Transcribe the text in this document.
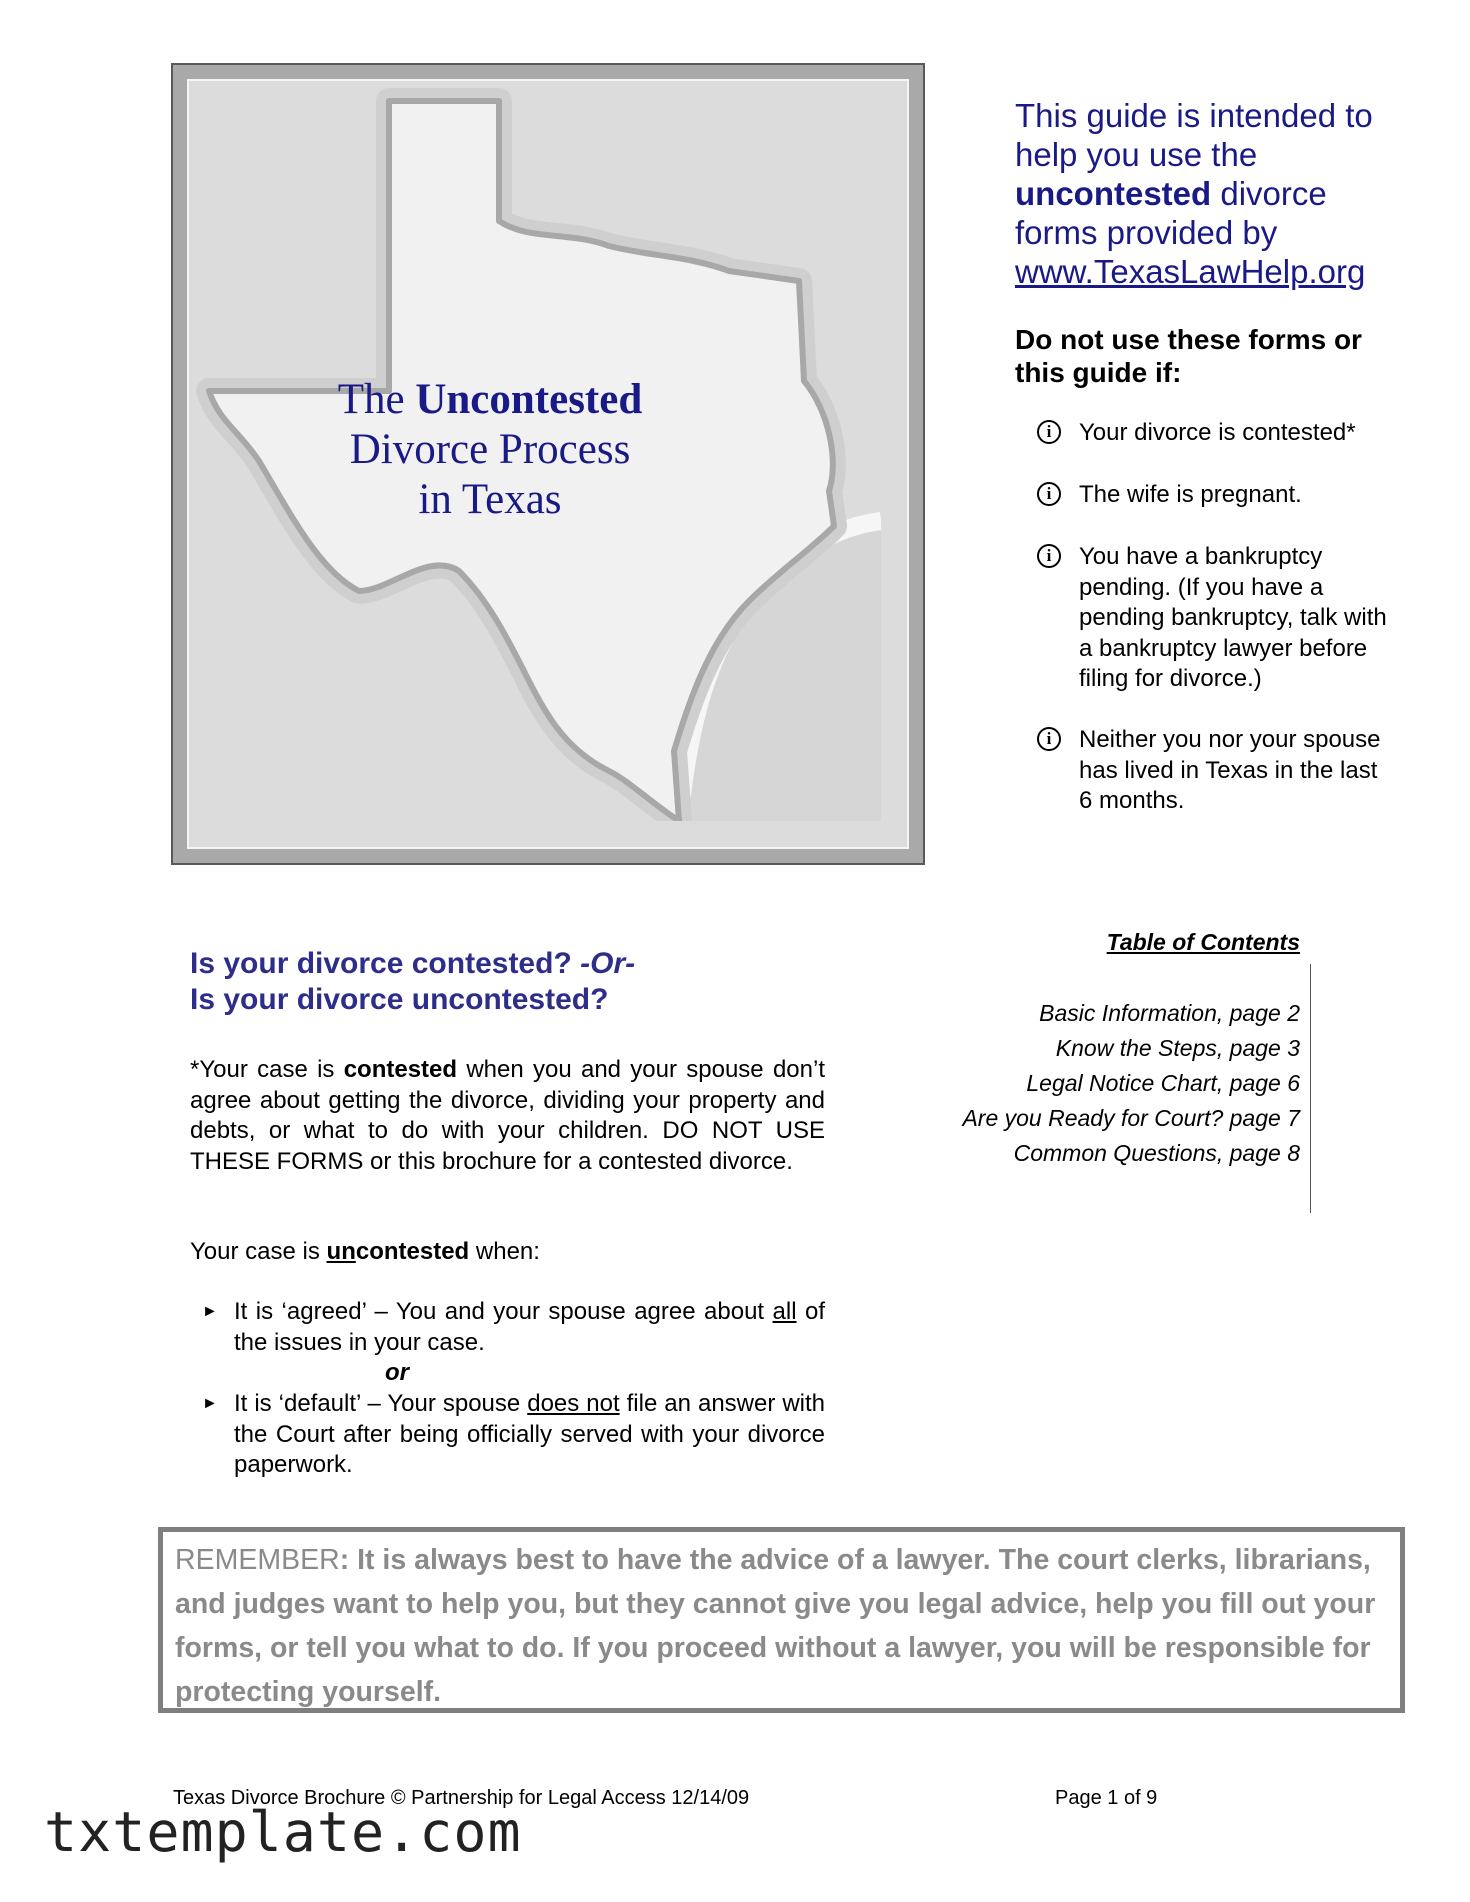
The Uncontested
Divorce Process
in Texas
This guide is intended to help you use the uncontested divorce forms provided by www.TexasLawHelp.org
Do not use these forms or this guide if:
i	Your divorce is contested*
i	The wife is pregnant.
i	You have a bankruptcy pending. (If you have a pending bankruptcy, talk with a bankruptcy lawyer before filing for divorce.)
i	Neither you nor your spouse has lived in Texas in the last 6 months.
Is your divorce contested? -Or-
Is your divorce uncontested?
*Your case is contested when you and your spouse don’t agree about getting the divorce, dividing your property and debts, or what to do with your children. DO NOT USE THESE FORMS or this brochure for a contested divorce.
Your case is uncontested when:
► It is ‘agreed’ – You and your spouse agree about all of the issues in your case.
or
► It is ‘default’ – Your spouse does not file an answer with the Court after being officially served with your divorce paperwork.
Table of Contents
Basic Information, page 2
Know the Steps, page 3
Legal Notice Chart, page 6
Are you Ready for Court? page 7
Common Questions, page 8
REMEMBER: It is always best to have the advice of a lawyer. The court clerks, librarians, and judges want to help you, but they cannot give you legal advice, help you fill out your forms, or tell you what to do. If you proceed without a lawyer, you will be responsible for protecting yourself.
Texas Divorce Brochure © Partnership for Legal Access 12/14/09	Page 1 of 9
txtemplate.com
